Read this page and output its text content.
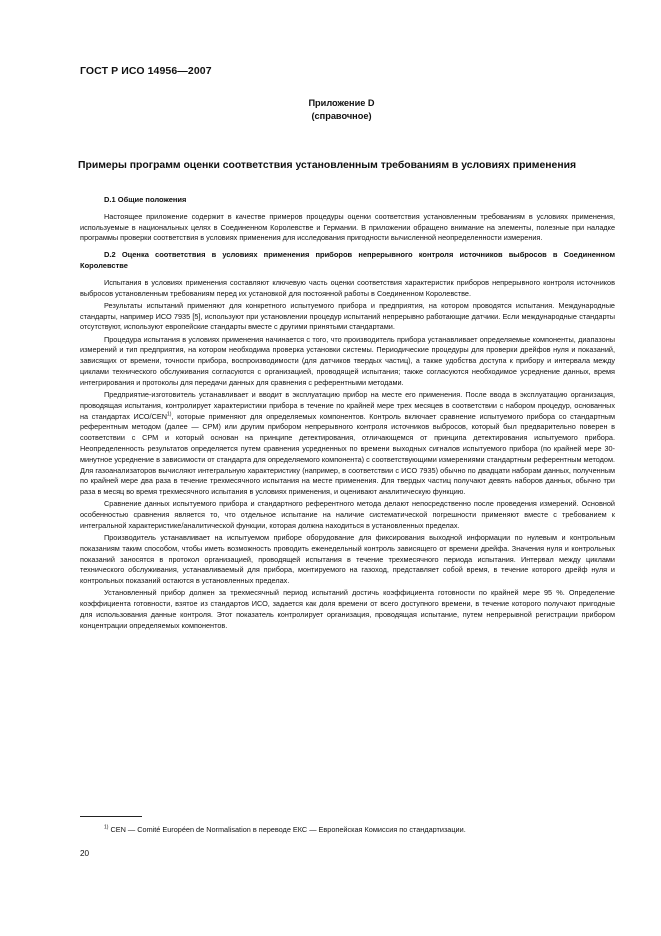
ГОСТ Р ИСО 14956—2007
Приложение D
(справочное)
Примеры программ оценки соответствия установленным требованиям в условиях применения
D.1 Общие положения

Настоящее приложение содержит в качестве примеров процедуры оценки соответствия установленным требованиям в условиях применения, используемые в национальных целях в Соединенном Королевстве и Германии. В приложении обращено внимание на элементы, полезные при наладке программы проверки соответствия в условиях применения для исследования пригодности вычисленной неопределенности измерения.

D.2 Оценка соответствия в условиях применения приборов непрерывного контроля источников выбросов в Соединенном Королевстве

Испытания в условиях применения составляют ключевую часть оценки соответствия характеристик приборов непрерывного контроля источников выбросов установленным требованиям перед их установкой для постоянной работы в Соединенном Королевстве.

Результаты испытаний применяют для конкретного испытуемого прибора и предприятия, на котором проводятся испытания. Международные стандарты, например ИСО 7935 [5], используют при установлении процедур испытаний непрерывно работающие датчики. Если международные стандарты отсутствуют, используют европейские стандарты вместе с другими принятыми стандартами.

Процедура испытания в условиях применения начинается с того, что производитель прибора устанавливает определяемые компоненты, диапазоны измерений и тип предприятия, на котором необходима проверка установки системы. Периодические процедуры для проверки дрейфов нуля и показаний, зависящих от времени, точности прибора, воспроизводимости (для датчиков твердых частиц), а также удобства доступа к прибору и интервала между циклами технического обслуживания согласуются с организацией, проводящей испытания; также согласуются необходимое усреднение данных, время интегрирования и протоколы для передачи данных для сравнения с референтными методами.

Предприятие-изготовитель устанавливает и вводит в эксплуатацию прибор на месте его применения. После ввода в эксплуатацию организация, проводящая испытания, контролирует характеристики прибора в течение по крайней мере трех месяцев в соответствии с набором процедур, основанных на стандартах ИСО/CEN$^{1)}$, которые применяют для определяемых компонентов. Контроль включает сравнение испытуемого прибора со стандартным референтным методом (далее — СРМ) или другим прибором непрерывного контроля источников выбросов, который был предварительно поверен в соответствии с СРМ и который основан на принципе детектирования, отличающемся от принципа детектирования испытуемого прибора. Неопределенность результатов определяется путем сравнения усредненных по времени выходных сигналов испытуемого прибора (по крайней мере 30-минутное усреднение в зависимости от стандарта для определяемого компонента) с соответствующими измерениями стандартным референтным методом. Для газоанализаторов вычисляют интегральную характеристику (например, в соответствии с ИСО 7935) обычно по двадцати наборам данных, полученным по крайней мере два раза в течение трехмесячного испытания на месте применения. Для твердых частиц получают девять наборов данных, обычно три раза в месяц во время трехмесячного испытания в условиях применения, и оценивают аналитическую функцию.

Сравнение данных испытуемого прибора и стандартного референтного метода делают непосредственно после проведения измерений. Основной особенностью сравнения является то, что отдельное испытание на наличие систематической погрешности применяют вместе с требованием к интегральной характеристике/аналитической функции, которая должна находиться в установленных пределах.

Производитель устанавливает на испытуемом приборе оборудование для фиксирования выходной информации по нулевым и контрольным показаниям таким способом, чтобы иметь возможность проводить еженедельный контроль зависящего от времени дрейфа. Значения нуля и контрольных показаний заносятся в протокол организацией, проводящей испытания в течение трехмесячного периода испытания. Интервал между циклами технического обслуживания, устанавливаемый для прибора, монтируемого на газоход, представляет собой время, в течение которого дрейф нуля и контрольных показаний остаются в установленных пределах.

Установленный прибор должен за трехмесячный период испытаний достичь коэффициента готовности по крайней мере 95 %. Определение коэффициента готовности, взятое из стандартов ИСО, задается как доля времени от всего доступного времени, в течение которого получают пригодные для использования данные контроля. Этот показатель контролирует организация, проводящая испытание, путем непрерывной регистрации прибором концентрации определяемых компонентов.

$^{1)}$ CEN — Comité Européen de Normalisation в переводе ЕКС — Европейская Комиссия по стандартизации.
20
